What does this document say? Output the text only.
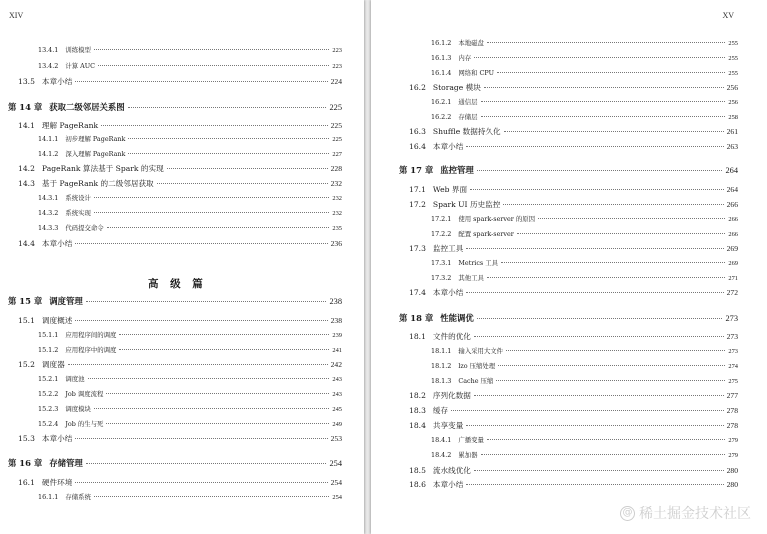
XIV
13.4.1 训练模型	223
13.4.2 计算 AUC	223
13.5 本章小结	224
第 14 章 获取二级邻居关系图	225
14.1 理解 PageRank	225
14.1.1 初步理解 PageRank	225
14.1.2 深入理解 PageRank	227
14.2 PageRank 算法基于 Spark 的实现	228
14.3 基于 PageRank 的二级邻居获取	232
14.3.1 系统设计	232
14.3.2 系统实现	232
14.3.3 代码提交命令	235
14.4 本章小结	236
第 15 章 调度管理	238
15.1 调度概述	238
15.1.1 应用程序间的调度	239
15.1.2 应用程序中的调度	241
15.2 调度器	242
15.2.1 调度池	243
15.2.2 Job 调度流程	243
15.2.3 调度模块	245
15.2.4 Job 的生与死	249
15.3 本章小结	253
第 16 章 存储管理	254
16.1 硬件环境	254
16.1.1 存储系统	254
高 级 篇
XV
16.1.2 本地磁盘	255
16.1.3 内存	255
16.1.4 网络和 CPU	255
16.2 Storage 模块	256
16.2.1 通信层	256
16.2.2 存储层	258
16.3 Shuffle 数据持久化	261
16.4 本章小结	263
第 17 章 监控管理	264
17.1 Web 界面	264
17.2 Spark UI 历史监控	266
17.2.1 使用 spark-server 的原因	266
17.2.2 配置 spark-server	266
17.3 监控工具	269
17.3.1 Metrics 工具	269
17.3.2 其他工具	271
17.4 本章小结	272
第 18 章 性能调优	273
18.1 文件的优化	273
18.1.1 输入采用大文件	273
18.1.2 lzo 压缩处理	274
18.1.3 Cache 压缩	275
18.2 序列化数据	277
18.3 缓存	278
18.4 共享变量	278
18.4.1 广播变量	279
18.4.2 累加器	279
18.5 流水线优化	280
18.6 本章小结	280
@ 稀土掘金技术社区
